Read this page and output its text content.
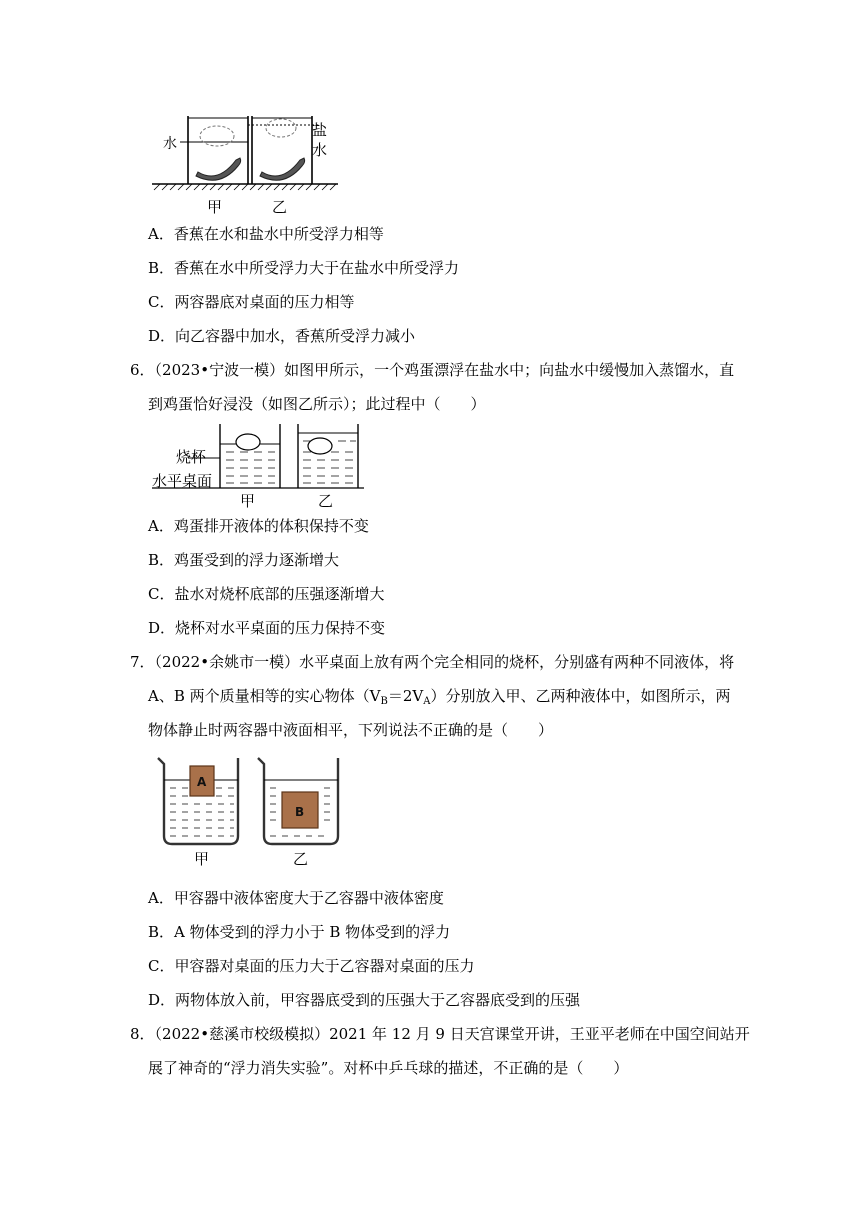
水
盐
水
甲	乙
A．香蕉在水和盐水中所受浮力相等
B．香蕉在水中所受浮力大于在盐水中所受浮力
C．两容器底对桌面的压力相等
D．向乙容器中加水，香蕉所受浮力减小
6．（2023•宁波一模）如图甲所示，一个鸡蛋漂浮在盐水中；向盐水中缓慢加入蒸馏水，直
到鸡蛋恰好浸没（如图乙所示）；此过程中（　　）
烧杯
水平桌面
甲	乙
A．鸡蛋排开液体的体积保持不变
B．鸡蛋受到的浮力逐渐增大
C．盐水对烧杯底部的压强逐渐增大
D．烧杯对水平桌面的压力保持不变
7．（2022•余姚市一模）水平桌面上放有两个完全相同的烧杯，分别盛有两种不同液体，将
A、B 两个质量相等的实心物体$(V_B=2V_A)$分别放入甲、乙两种液体中，如图所示，两
物体静止时两容器中液面相平，下列说法不正确的是（　　）
A
B
甲	乙
A．甲容器中液体密度大于乙容器中液体密度
B．A 物体受到的浮力小于 B 物体受到的浮力
C．甲容器对桌面的压力大于乙容器对桌面的压力
D．两物体放入前，甲容器底受到的压强大于乙容器底受到的压强
8．（2022•慈溪市校级模拟）2021 年 12 月 9 日天宫课堂开讲，王亚平老师在中国空间站开
展了神奇的“浮力消失实验”。对杯中乒乓球的描述，不正确的是（　　）
